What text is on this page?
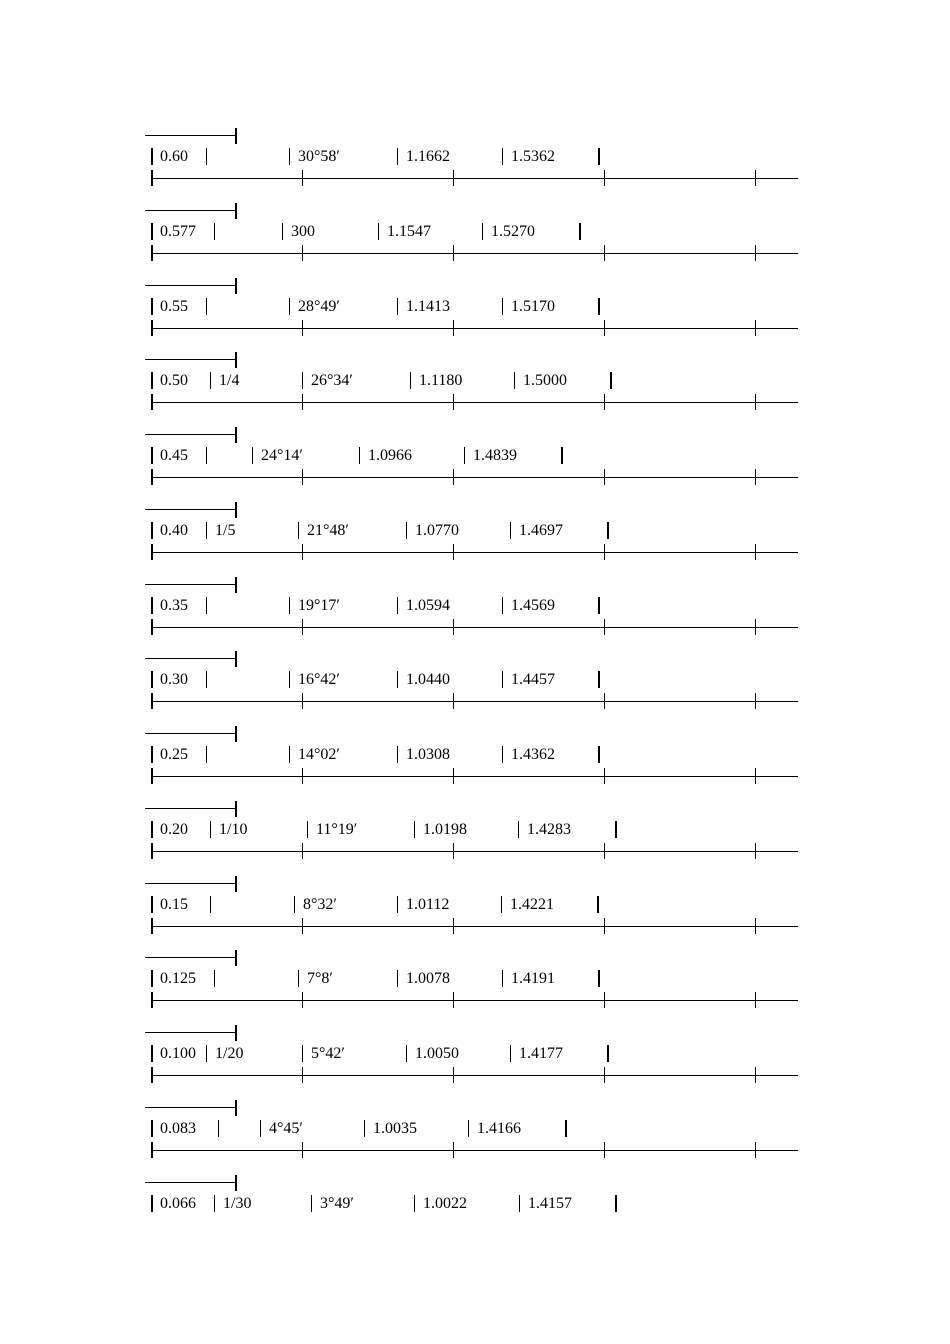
0.60	30°58′	1.1662	1.5362
0.577	300	1.1547	1.5270
0.55	28°49′	1.1413	1.5170
0.50 1/4	26°34′	1.1180	1.5000
0.45	24°14′	1.0966	1.4839
0.40 1/5	21°48′	1.0770	1.4697
0.35	19°17′	1.0594	1.4569
0.30	16°42′	1.0440	1.4457
0.25	14°02′	1.0308	1.4362
0.20 1/10	11°19′	1.0198	1.4283
0.15	8°32′	1.0112	1.4221
0.125	7°8′	1.0078	1.4191
0.100 1/20	5°42′	1.0050	1.4177
0.083	4°45′	1.0035	1.4166
0.066 1/30	3°49′	1.0022	1.4157
